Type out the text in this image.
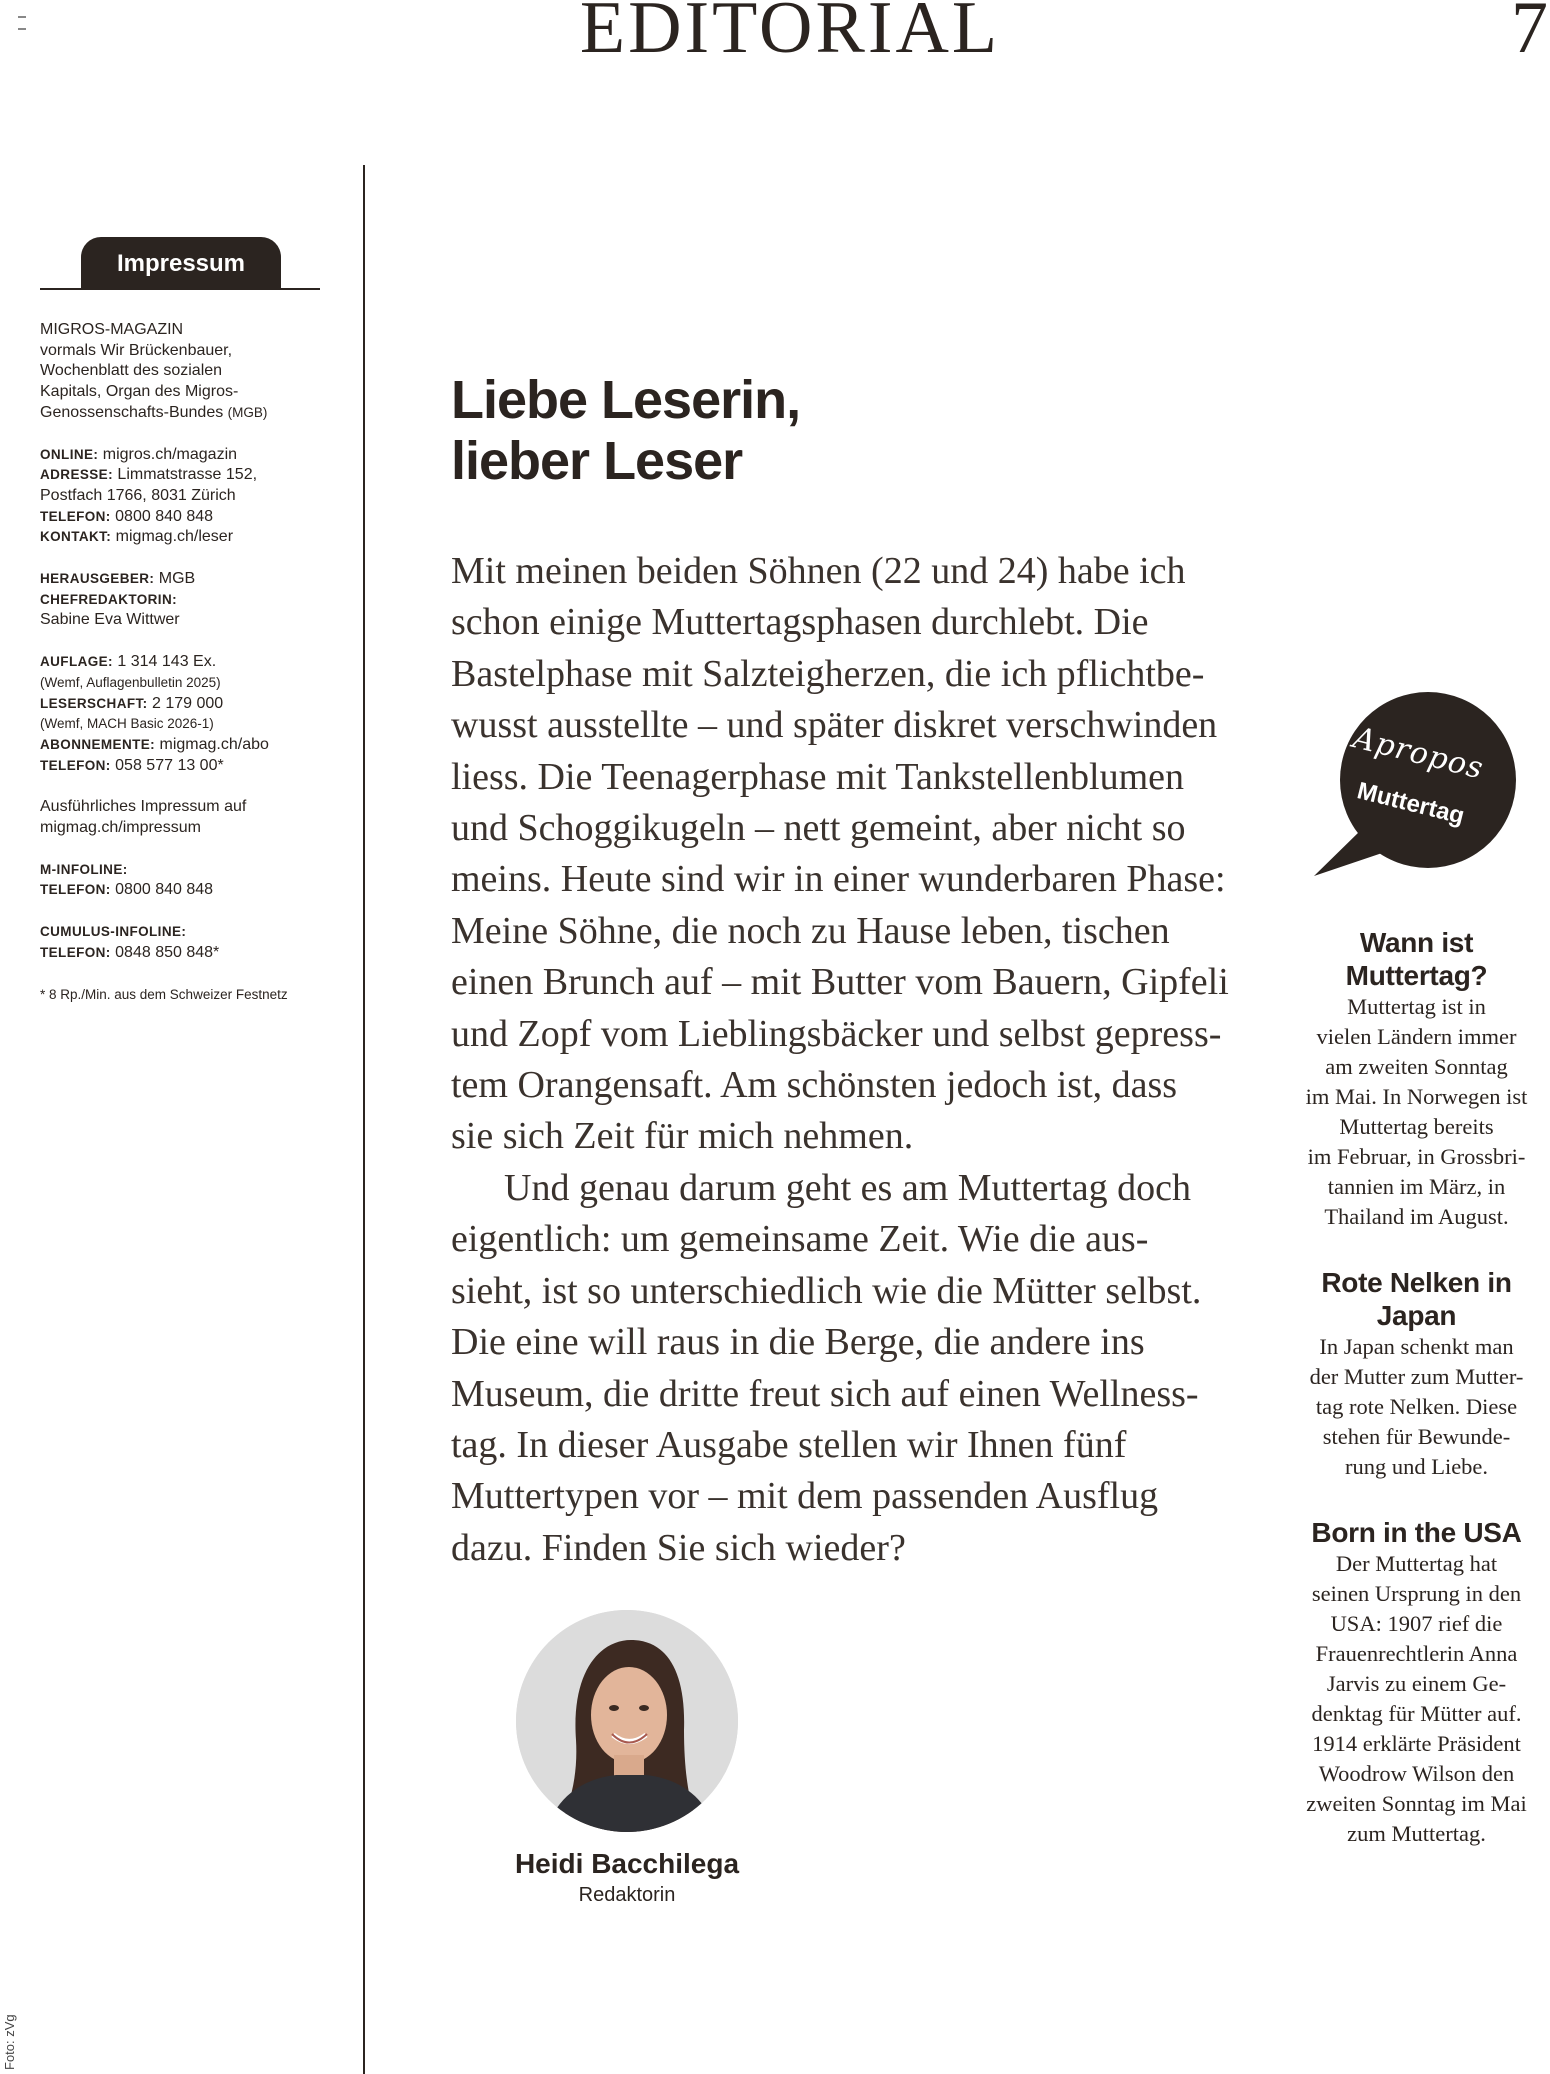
EDITORIAL	7
Impressum
MIGROS-MAGAZIN
vormals Wir Brückenbauer,
Wochenblatt des sozialen
Kapitals, Organ des Migros-
Genossenschafts-Bundes (MGB)
ONLINE: migros.ch/magazin
ADRESSE: Limmatstrasse 152,
Postfach 1766, 8031 Zürich
TELEFON: 0800 840 848
KONTAKT: migmag.ch/leser
HERAUSGEBER: MGB
CHEFREDAKTORIN:
Sabine Eva Wittwer
AUFLAGE: 1 314 143 Ex.
(Wemf, Auflagenbulletin 2025)
LESERSCHAFT: 2 179 000
(Wemf, MACH Basic 2026-1)
ABONNEMENTE: migmag.ch/abo
TELEFON: 058 577 13 00*
Ausführliches Impressum auf
migmag.ch/impressum
M-INFOLINE:
TELEFON: 0800 840 848
CUMULUS-INFOLINE:
TELEFON: 0848 850 848*
* 8 Rp./Min. aus dem Schweizer Festnetz
Liebe Leserin,
lieber Leser
Mit meinen beiden Söhnen (22 und 24) habe ich
schon einige Muttertagsphasen durchlebt. Die
Bastelphase mit Salzteigherzen, die ich pflichtbe-
wusst ausstellte – und später diskret verschwinden
liess. Die Teenagerphase mit Tankstellenblumen
und Schoggikugeln – nett gemeint, aber nicht so
meins. Heute sind wir in einer wunderbaren Phase:
Meine Söhne, die noch zu Hause leben, tischen
einen Brunch auf – mit Butter vom Bauern, Gipfeli
und Zopf vom Lieblingsbäcker und selbst gepress-
tem Orangensaft. Am schönsten jedoch ist, dass
sie sich Zeit für mich nehmen.
Und genau darum geht es am Muttertag doch
eigentlich: um gemeinsame Zeit. Wie die aus-
sieht, ist so unterschiedlich wie die Mütter selbst.
Die eine will raus in die Berge, die andere ins
Museum, die dritte freut sich auf einen Wellness-
tag. In dieser Ausgabe stellen wir Ihnen fünf
Muttertypen vor – mit dem passenden Ausflug
dazu. Finden Sie sich wieder?
Heidi Bacchilega
Redaktorin
Apropos
Muttertag
Wann ist
Muttertag?
Muttertag ist in
vielen Ländern immer
am zweiten Sonntag
im Mai. In Norwegen ist
Muttertag bereits
im Februar, in Grossbri-
tannien im März, in
Thailand im August.
Rote Nelken in
Japan
In Japan schenkt man
der Mutter zum Mutter-
tag rote Nelken. Diese
stehen für Bewunde-
rung und Liebe.
Born in the USA
Der Muttertag hat
seinen Ursprung in den
USA: 1907 rief die
Frauenrechtlerin Anna
Jarvis zu einem Ge-
denktag für Mütter auf.
1914 erklärte Präsident
Woodrow Wilson den
zweiten Sonntag im Mai
zum Muttertag.
Foto: zVg
